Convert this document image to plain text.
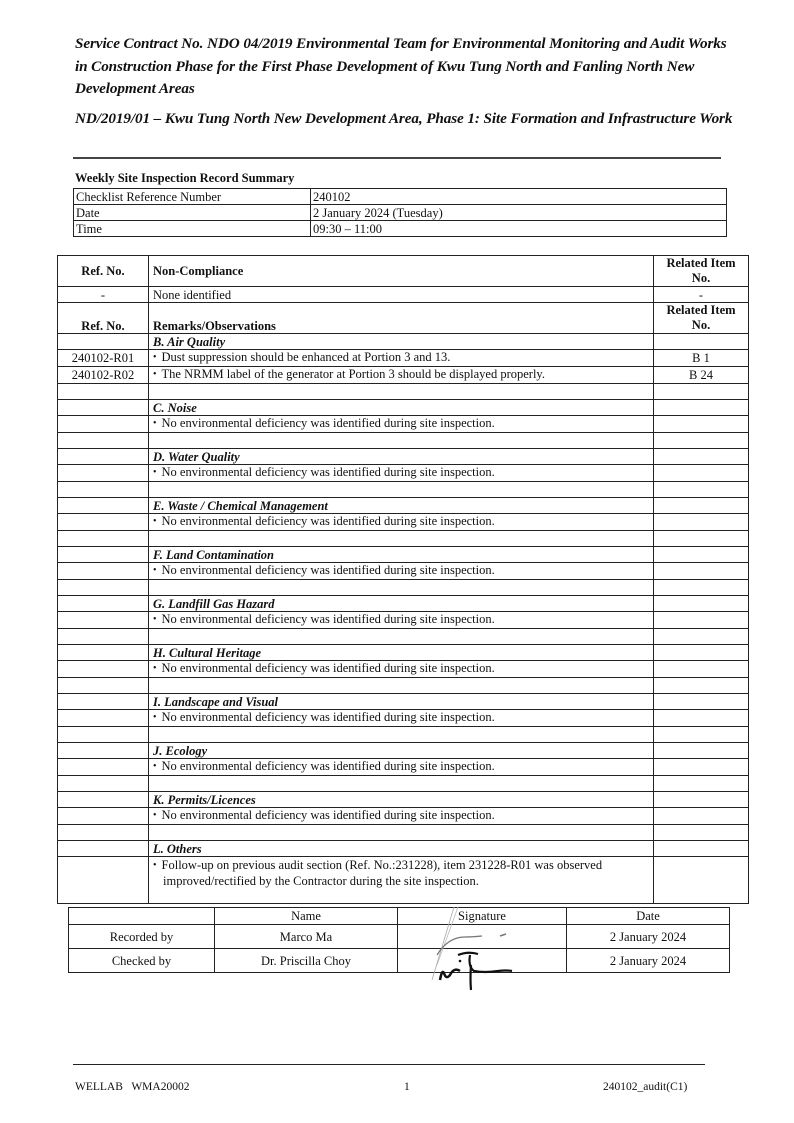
Service Contract No. NDO 04/2019 Environmental Team for Environmental Monitoring and Audit Works in Construction Phase for the First Phase Development of Kwu Tung North and Fanling North New Development Areas

ND/2019/01 – Kwu Tung North New Development Area, Phase 1: Site Formation and Infrastructure Work

Weekly Site Inspection Record Summary
Checklist Reference Number	240102
Date	2 January 2024 (Tuesday)
Time	09:30 – 11:00
Ref. No.	Non-Compliance	Related Item No.
-	None identified	-
Ref. No.	Remarks/Observations	Related Item No.
	B. Air Quality	
240102-R01	• Dust suppression should be enhanced at Portion 3 and 13.	B 1
240102-R02	• The NRMM label of the generator at Portion 3 should be displayed properly.	B 24

	C. Noise	
	• No environmental deficiency was identified during site inspection.	

	D. Water Quality	
	• No environmental deficiency was identified during site inspection.	

	E. Waste / Chemical Management	
	• No environmental deficiency was identified during site inspection.	

	F. Land Contamination	
	• No environmental deficiency was identified during site inspection.	

	G. Landfill Gas Hazard	
	• No environmental deficiency was identified during site inspection.	

	H. Cultural Heritage	
	• No environmental deficiency was identified during site inspection.	

	I. Landscape and Visual	
	• No environmental deficiency was identified during site inspection.	

	J. Ecology	
	• No environmental deficiency was identified during site inspection.	

	K. Permits/Licences	
	• No environmental deficiency was identified during site inspection.	

	L. Others	

	• Follow-up on previous audit section (Ref. No.:231228), item 231228-R01 was observed improved/rectified by the Contractor during the site inspection.

	Name	Signature	Date
Recorded by	Marco Ma		2 January 2024
Checked by	Dr. Priscilla Choy		2 January 2024
WELLAB   WMA20002	1	240102_audit(C1)
